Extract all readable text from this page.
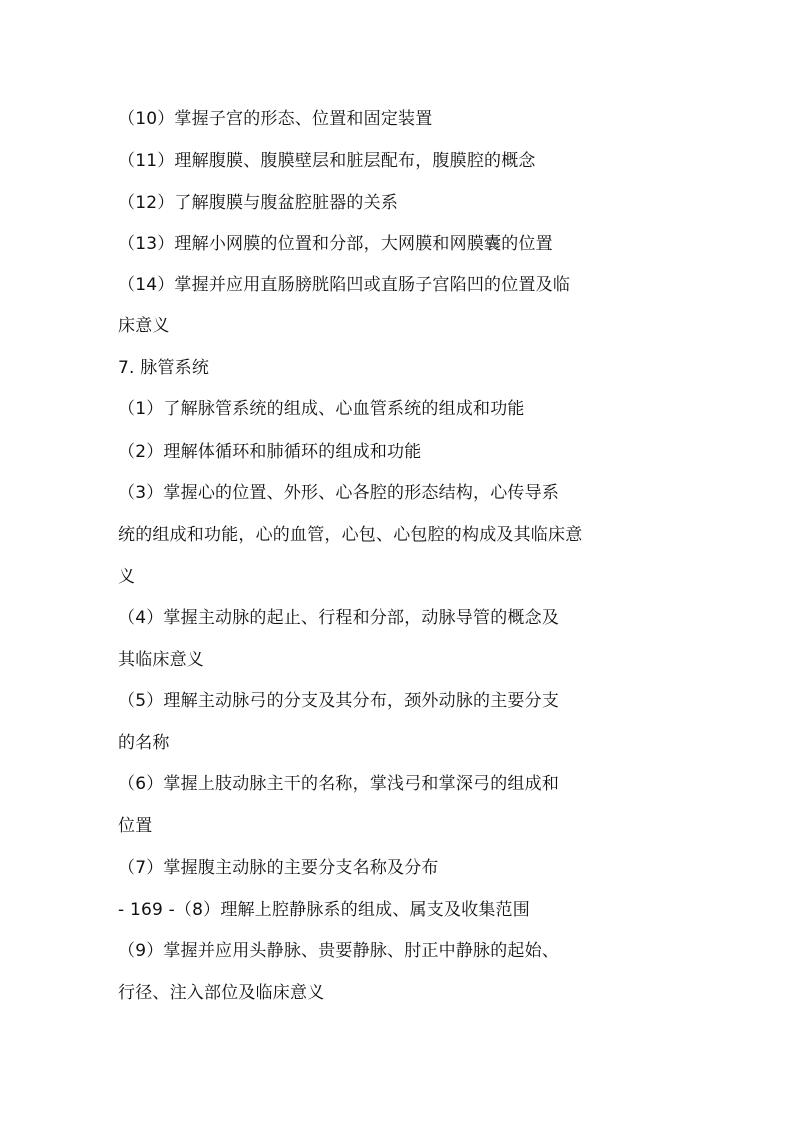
（10）掌握子宫的形态、位置和固定装置
（11）理解腹膜、腹膜壁层和脏层配布，腹膜腔的概念
（12）了解腹膜与腹盆腔脏器的关系
（13）理解小网膜的位置和分部，大网膜和网膜囊的位置
（14）掌握并应用直肠膀胱陷凹或直肠子宫陷凹的位置及临
床意义
7. 脉管系统
（1）了解脉管系统的组成、心血管系统的组成和功能
（2）理解体循环和肺循环的组成和功能
（3）掌握心的位置、外形、心各腔的形态结构，心传导系
统的组成和功能，心的血管，心包、心包腔的构成及其临床意
义
（4）掌握主动脉的起止、行程和分部，动脉导管的概念及
其临床意义
（5）理解主动脉弓的分支及其分布，颈外动脉的主要分支
的名称
（6）掌握上肢动脉主干的名称，掌浅弓和掌深弓的组成和
位置
（7）掌握腹主动脉的主要分支名称及分布
- 169 -（8）理解上腔静脉系的组成、属支及收集范围
（9）掌握并应用头静脉、贵要静脉、肘正中静脉的起始、
行径、注入部位及临床意义
